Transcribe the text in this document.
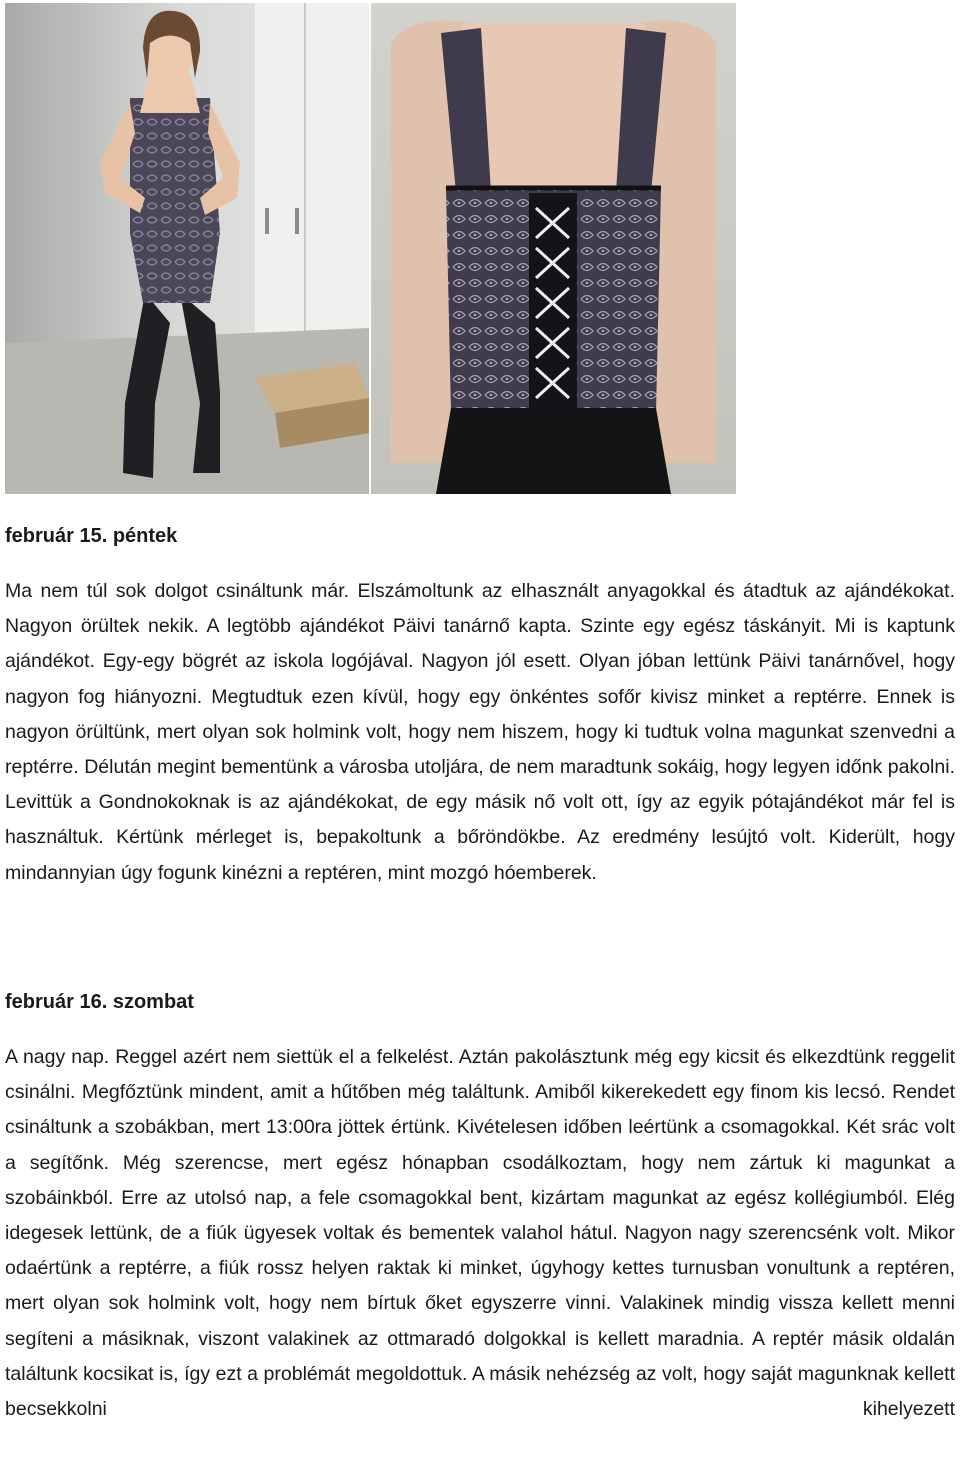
február 15. péntek

Ma nem túl sok dolgot csináltunk már. Elszámoltunk az elhasznált anyagokkal és átadtuk az ajándékokat. Nagyon örültek nekik. A legtöbb ajándékot Päivi tanárnő kapta. Szinte egy egész táskányit. Mi is kaptunk ajándékot. Egy-egy bögrét az iskola logójával. Nagyon jól esett. Olyan jóban lettünk Päivi tanárnővel, hogy nagyon fog hiányozni. Megtudtuk ezen kívül, hogy egy önkéntes sofőr kivisz minket a reptérre. Ennek is nagyon örültünk, mert olyan sok holmink volt, hogy nem hiszem, hogy ki tudtuk volna magunkat szenvedni a reptérre. Délután megint bementünk a városba utoljára, de nem maradtunk sokáig, hogy legyen időnk pakolni. Levittük a Gondnokoknak is az ajándékokat, de egy másik nő volt ott, így az egyik pótajándékot már fel is használtuk. Kértünk mérleget is, bepakoltunk a bőröndökbe. Az eredmény lesújtó volt. Kiderült, hogy mindannyian úgy fogunk kinézni a reptéren, mint mozgó hóemberek.

február 16. szombat

A nagy nap. Reggel azért nem siettük el a felkelést. Aztán pakolásztunk még egy kicsit és elkezdtünk reggelit csinálni. Megfőztünk mindent, amit a hűtőben még találtunk. Amiből kikerekedett egy finom kis lecsó. Rendet csináltunk a szobákban, mert 13:00ra jöttek értünk. Kivételesen időben leértünk a csomagokkal. Két srác volt a segítőnk. Még szerencse, mert egész hónapban csodálkoztam, hogy nem zártuk ki magunkat a szobáinkból. Erre az utolsó nap, a fele csomagokkal bent, kizártam magunkat az egész kollégiumból. Elég idegesek lettünk, de a fiúk ügyesek voltak és bementek valahol hátul. Nagyon nagy szerencsénk volt. Mikor odaértünk a reptérre, a fiúk rossz helyen raktak ki minket, úgyhogy kettes turnusban vonultunk a reptéren, mert olyan sok holmink volt, hogy nem bírtuk őket egyszerre vinni. Valakinek mindig vissza kellett menni segíteni a másiknak, viszont valakinek az ottmaradó dolgokkal is kellett maradnia. A reptér másik oldalán találtunk kocsikat is, így ezt a problémát megoldottuk. A másik nehézség az volt, hogy saját magunknak kellett becsekkolni kihelyezett
